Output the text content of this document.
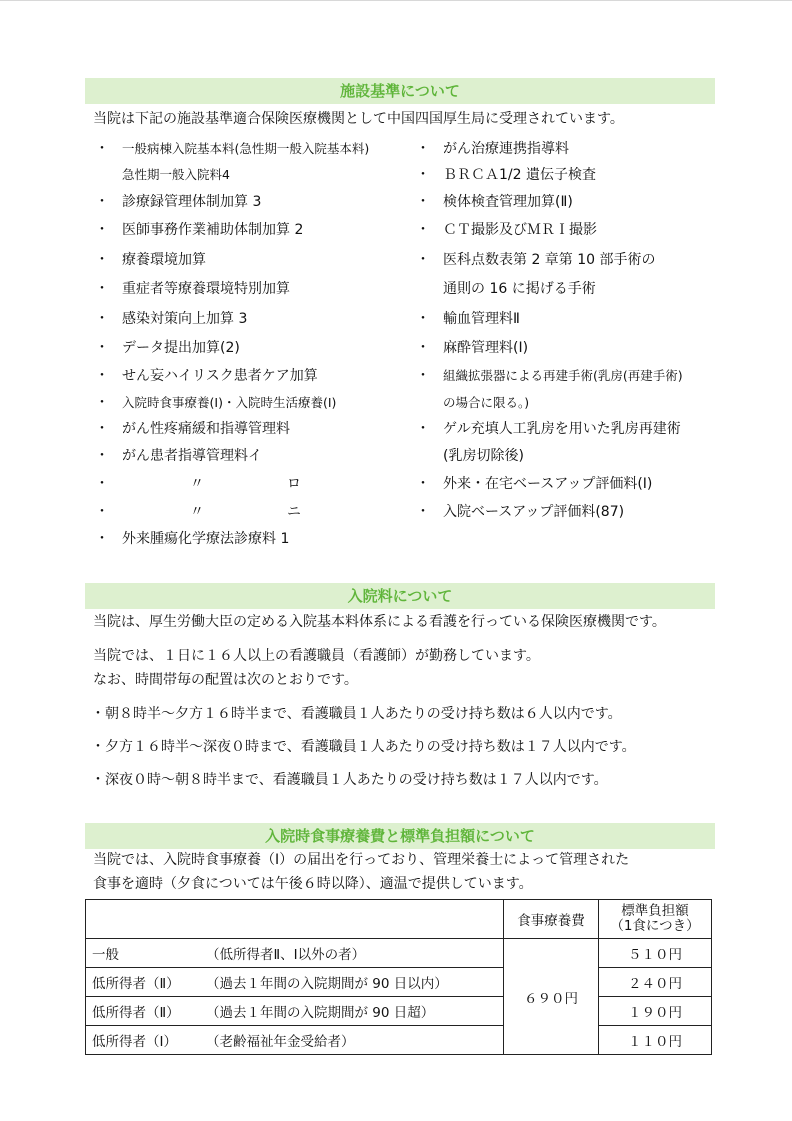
施設基準について
当院は下記の施設基準適合保険医療機関として中国四国厚生局に受理されています。
・ 一般病棟入院基本料(急性期一般入院基本料)
急性期一般入院料4
・ 診療録管理体制加算 3
・ 医師事務作業補助体制加算 2
・ 療養環境加算
・ 重症者等療養環境特別加算
・ 感染対策向上加算 3
・ データ提出加算(2)
・ せん妄ハイリスク患者ケア加算
・ 入院時食事療養(Ⅰ)・入院時生活療養(Ⅰ)
・ がん性疼痛緩和指導管理料
・ がん患者指導管理料イ
・	〃	ロ
・	〃	ニ
・ 外来腫瘍化学療法診療料 1
・ がん治療連携指導料
・ ＢＲＣＡ1/2 遺伝子検査
・ 検体検査管理加算(Ⅱ)
・ ＣＴ撮影及びＭＲＩ撮影
・ 医科点数表第 2 章第 10 部手術の
通則の 16 に掲げる手術
・ 輸血管理料Ⅱ
・ 麻酔管理料(Ⅰ)
・ 組織拡張器による再建手術(乳房(再建手術)
の場合に限る。)
・ ゲル充填人工乳房を用いた乳房再建術
(乳房切除後)
・ 外来・在宅ベースアップ評価料(Ⅰ)
・ 入院ベースアップ評価料(87)
入院料について
当院は、厚生労働大臣の定める入院基本料体系による看護を行っている保険医療機関です。
当院では、１日に１６人以上の看護職員（看護師）が勤務しています。
なお、時間帯毎の配置は次のとおりです。
・朝８時半～夕方１６時半まで、看護職員１人あたりの受け持ち数は６人以内です。
・夕方１６時半～深夜０時まで、看護職員１人あたりの受け持ち数は１７人以内です。
・深夜０時～朝８時半まで、看護職員１人あたりの受け持ち数は１７人以内です。
入院時食事療養費と標準負担額について
当院では、入院時食事療養（Ⅰ）の届出を行っており、管理栄養士によって管理された
食事を適時（夕食については午後６時以降）、適温で提供しています。
	食事療養費	標準負担額
（1食につき）

一般 （低所得者Ⅱ、Ⅰ以外の者）	６９０円	５１０円
低所得者（Ⅱ） （過去１年間の入院期間が 90 日以内）		２４０円
低所得者（Ⅱ） （過去１年間の入院期間が 90 日超）		１９０円
低所得者（Ⅰ） （老齢福祉年金受給者）		１１０円
